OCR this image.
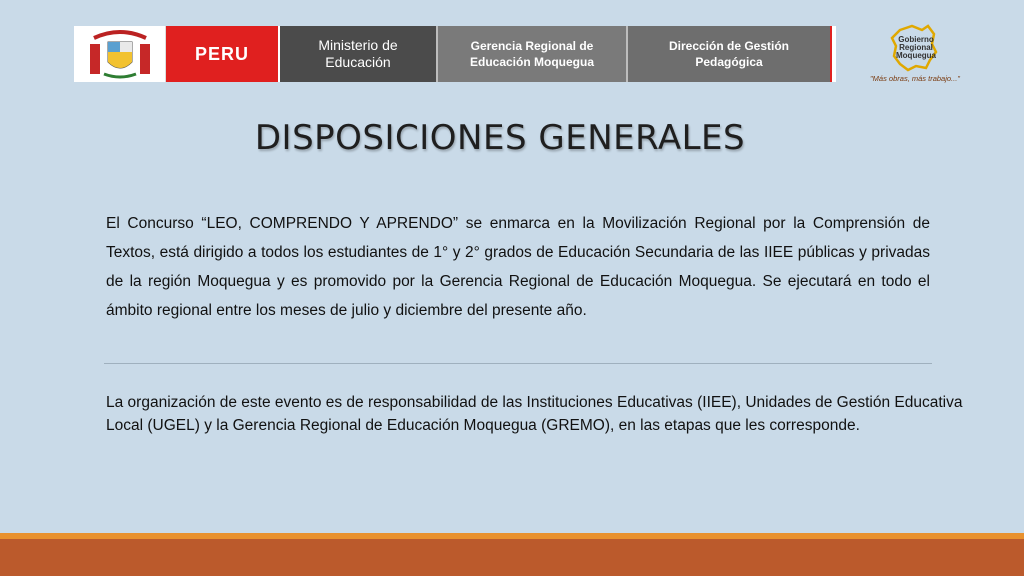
PERU	Ministerio de
Educación
Gerencia Regional de
Educación Moquegua
Dirección de Gestión
Pedagógica
Gobierno
Regional
Moquegua
"Más obras, más trabajo..."
DISPOSICIONES GENERALES
El Concurso “LEO, COMPRENDO Y APRENDO” se enmarca en la Movilización Regional por la Comprensión de Textos, está dirigido a todos los estudiantes de 1° y 2° grados de Educación Secundaria de las IIEE públicas y privadas de la región Moquegua y es promovido por la Gerencia Regional de Educación Moquegua. Se ejecutará en todo el ámbito regional entre los meses de julio y diciembre del presente año.
La organización de este evento es de responsabilidad de las Instituciones Educativas (IIEE), Unidades de Gestión Educativa Local (UGEL) y la Gerencia Regional de Educación Moquegua (GREMO), en las etapas que les corresponde.
